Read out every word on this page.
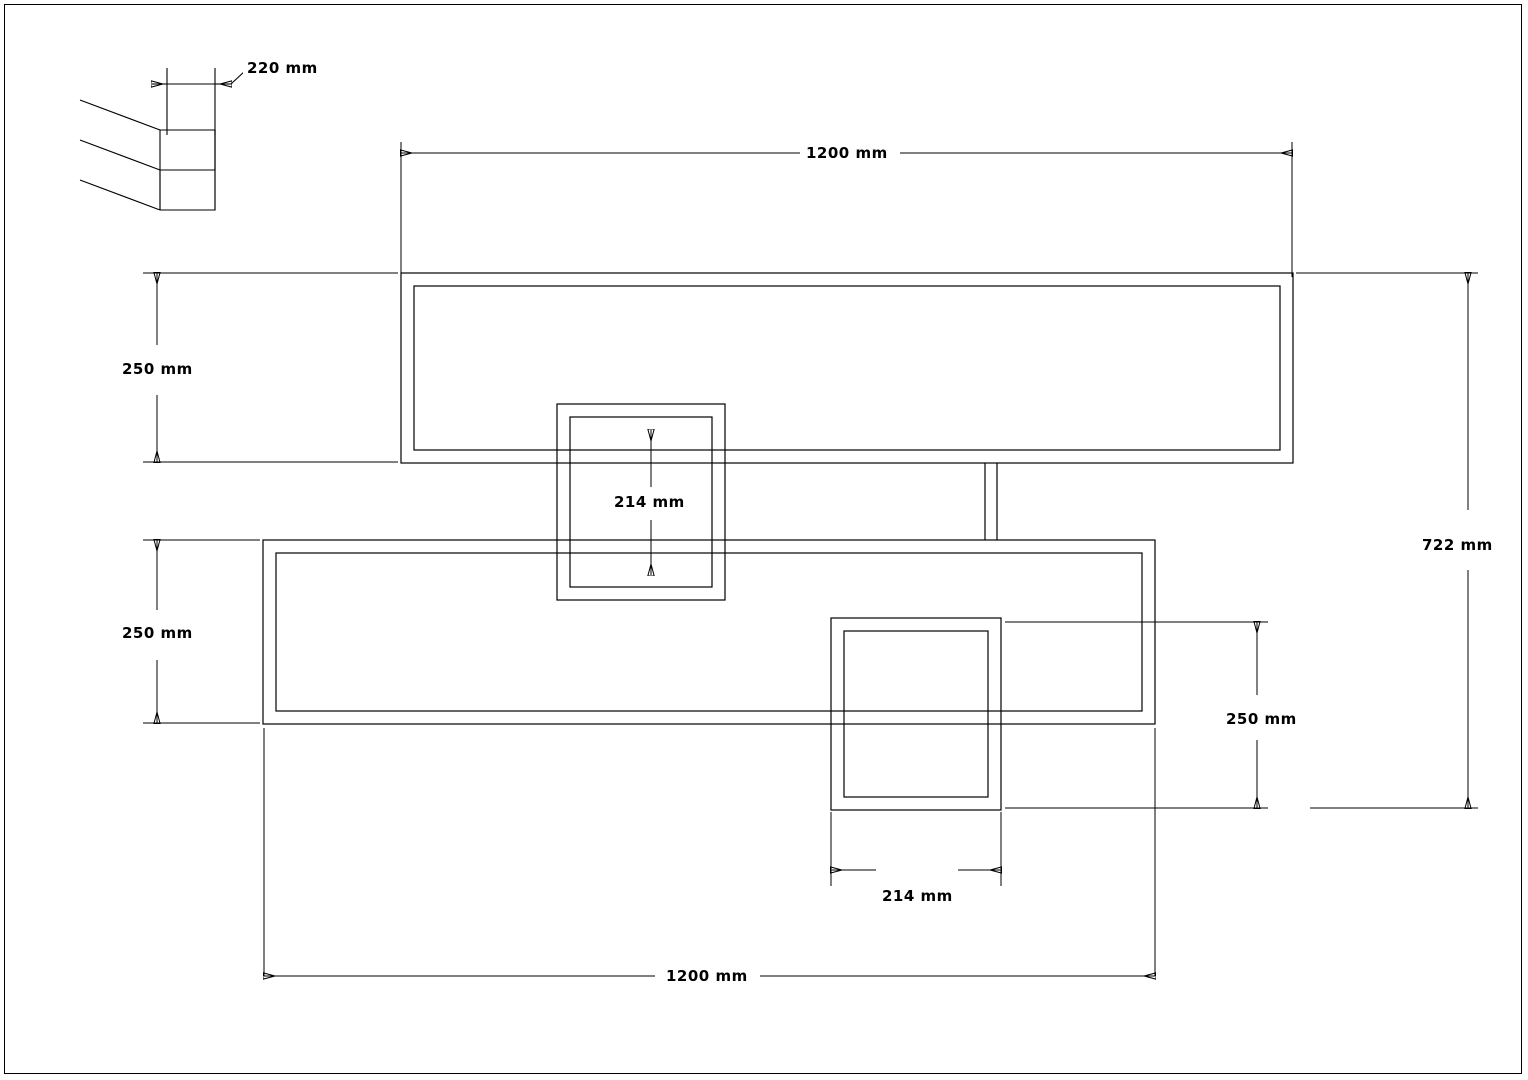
220 mm
1200 mm
250 mm
250 mm
214 mm
250 mm
214 mm
722 mm
1200 mm
